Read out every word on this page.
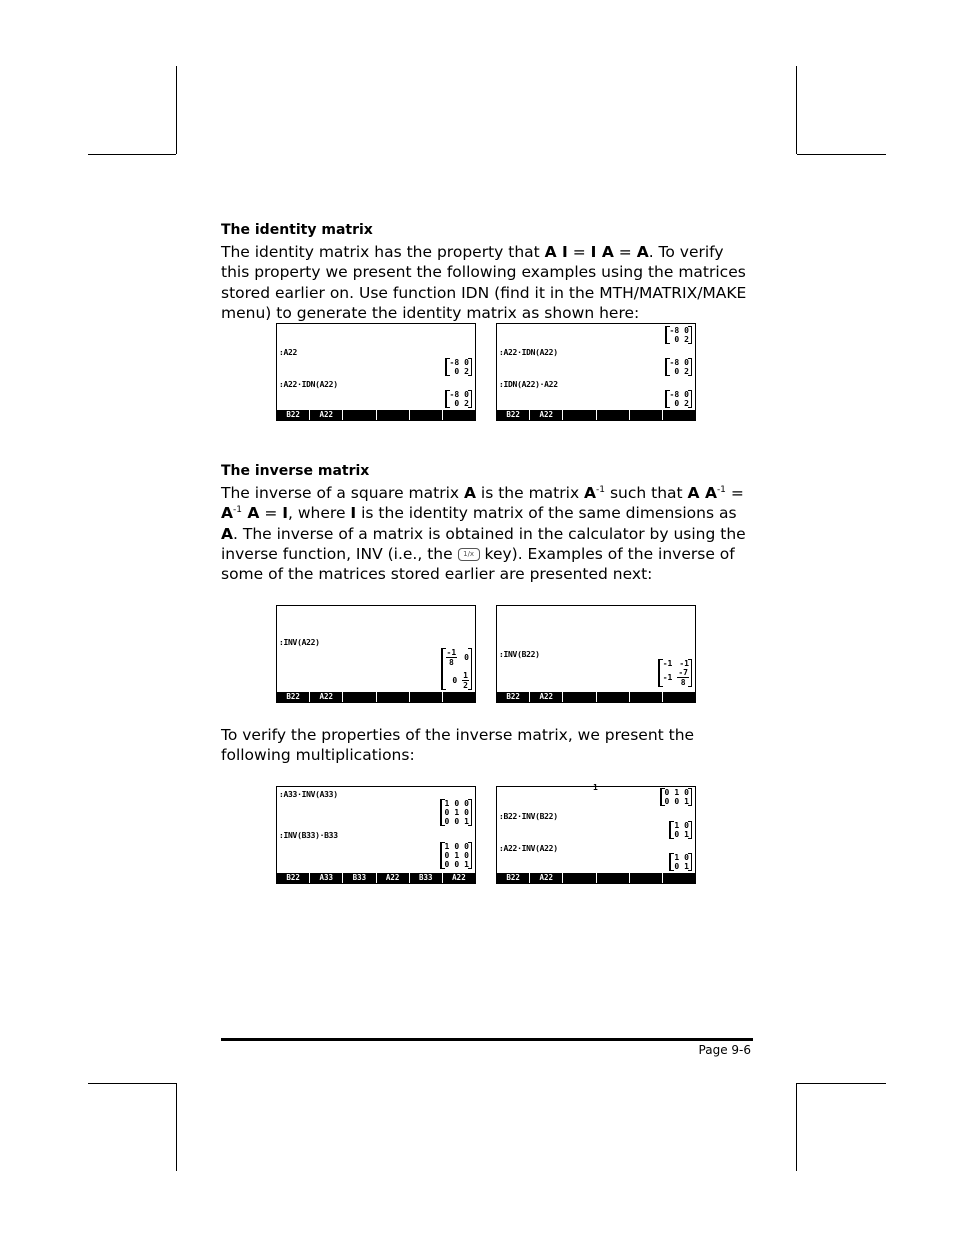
The identity matrix
The identity matrix has the property that A I = I A = A. To verify this property we present the following examples using the matrices stored earlier on. Use function IDN (find it in the MTH/MATRIX/MAKE menu) to generate the identity matrix as shown here:
:A22
-8 0
0 2
:A22·IDN(A22)
-8 0
0 2
B22	A22
-8 0
0 2
:A22·IDN(A22)
-8 0
0 2
:IDN(A22)·A22
-8 0
0 2
B22	A22
The inverse matrix
The inverse of a square matrix A is the matrix $A^{-1}$ such that A $A^{-1} = A^{-1}$ A = I, where I is the identity matrix of the same dimensions as A. The inverse of a matrix is obtained in the calculator by using the inverse function, INV (i.e., the 1/x key). Examples of the inverse of some of the matrices stored earlier are presented next:
:INV(A22)
$\frac{-1}{8} 0$
$0 \frac{1}{2}$
B22	A22
:INV(B22)
-1 -1
$-1 \frac{-7}{8}$
B22	A22
To verify the properties of the inverse matrix, we present the following multiplications:
:A33·INV(A33)
1 0 0
0 1 0
0 0 1
:INV(B33)·B33
1 0 0
0 1 0
0 0 1
B22	A33	B33	A22	B33	A22
1
0 1 0
0 0 1
:B22·INV(B22)
1 0
0 1
:A22·INV(A22)
1 0
0 1
B22	A22
Page 9-6
